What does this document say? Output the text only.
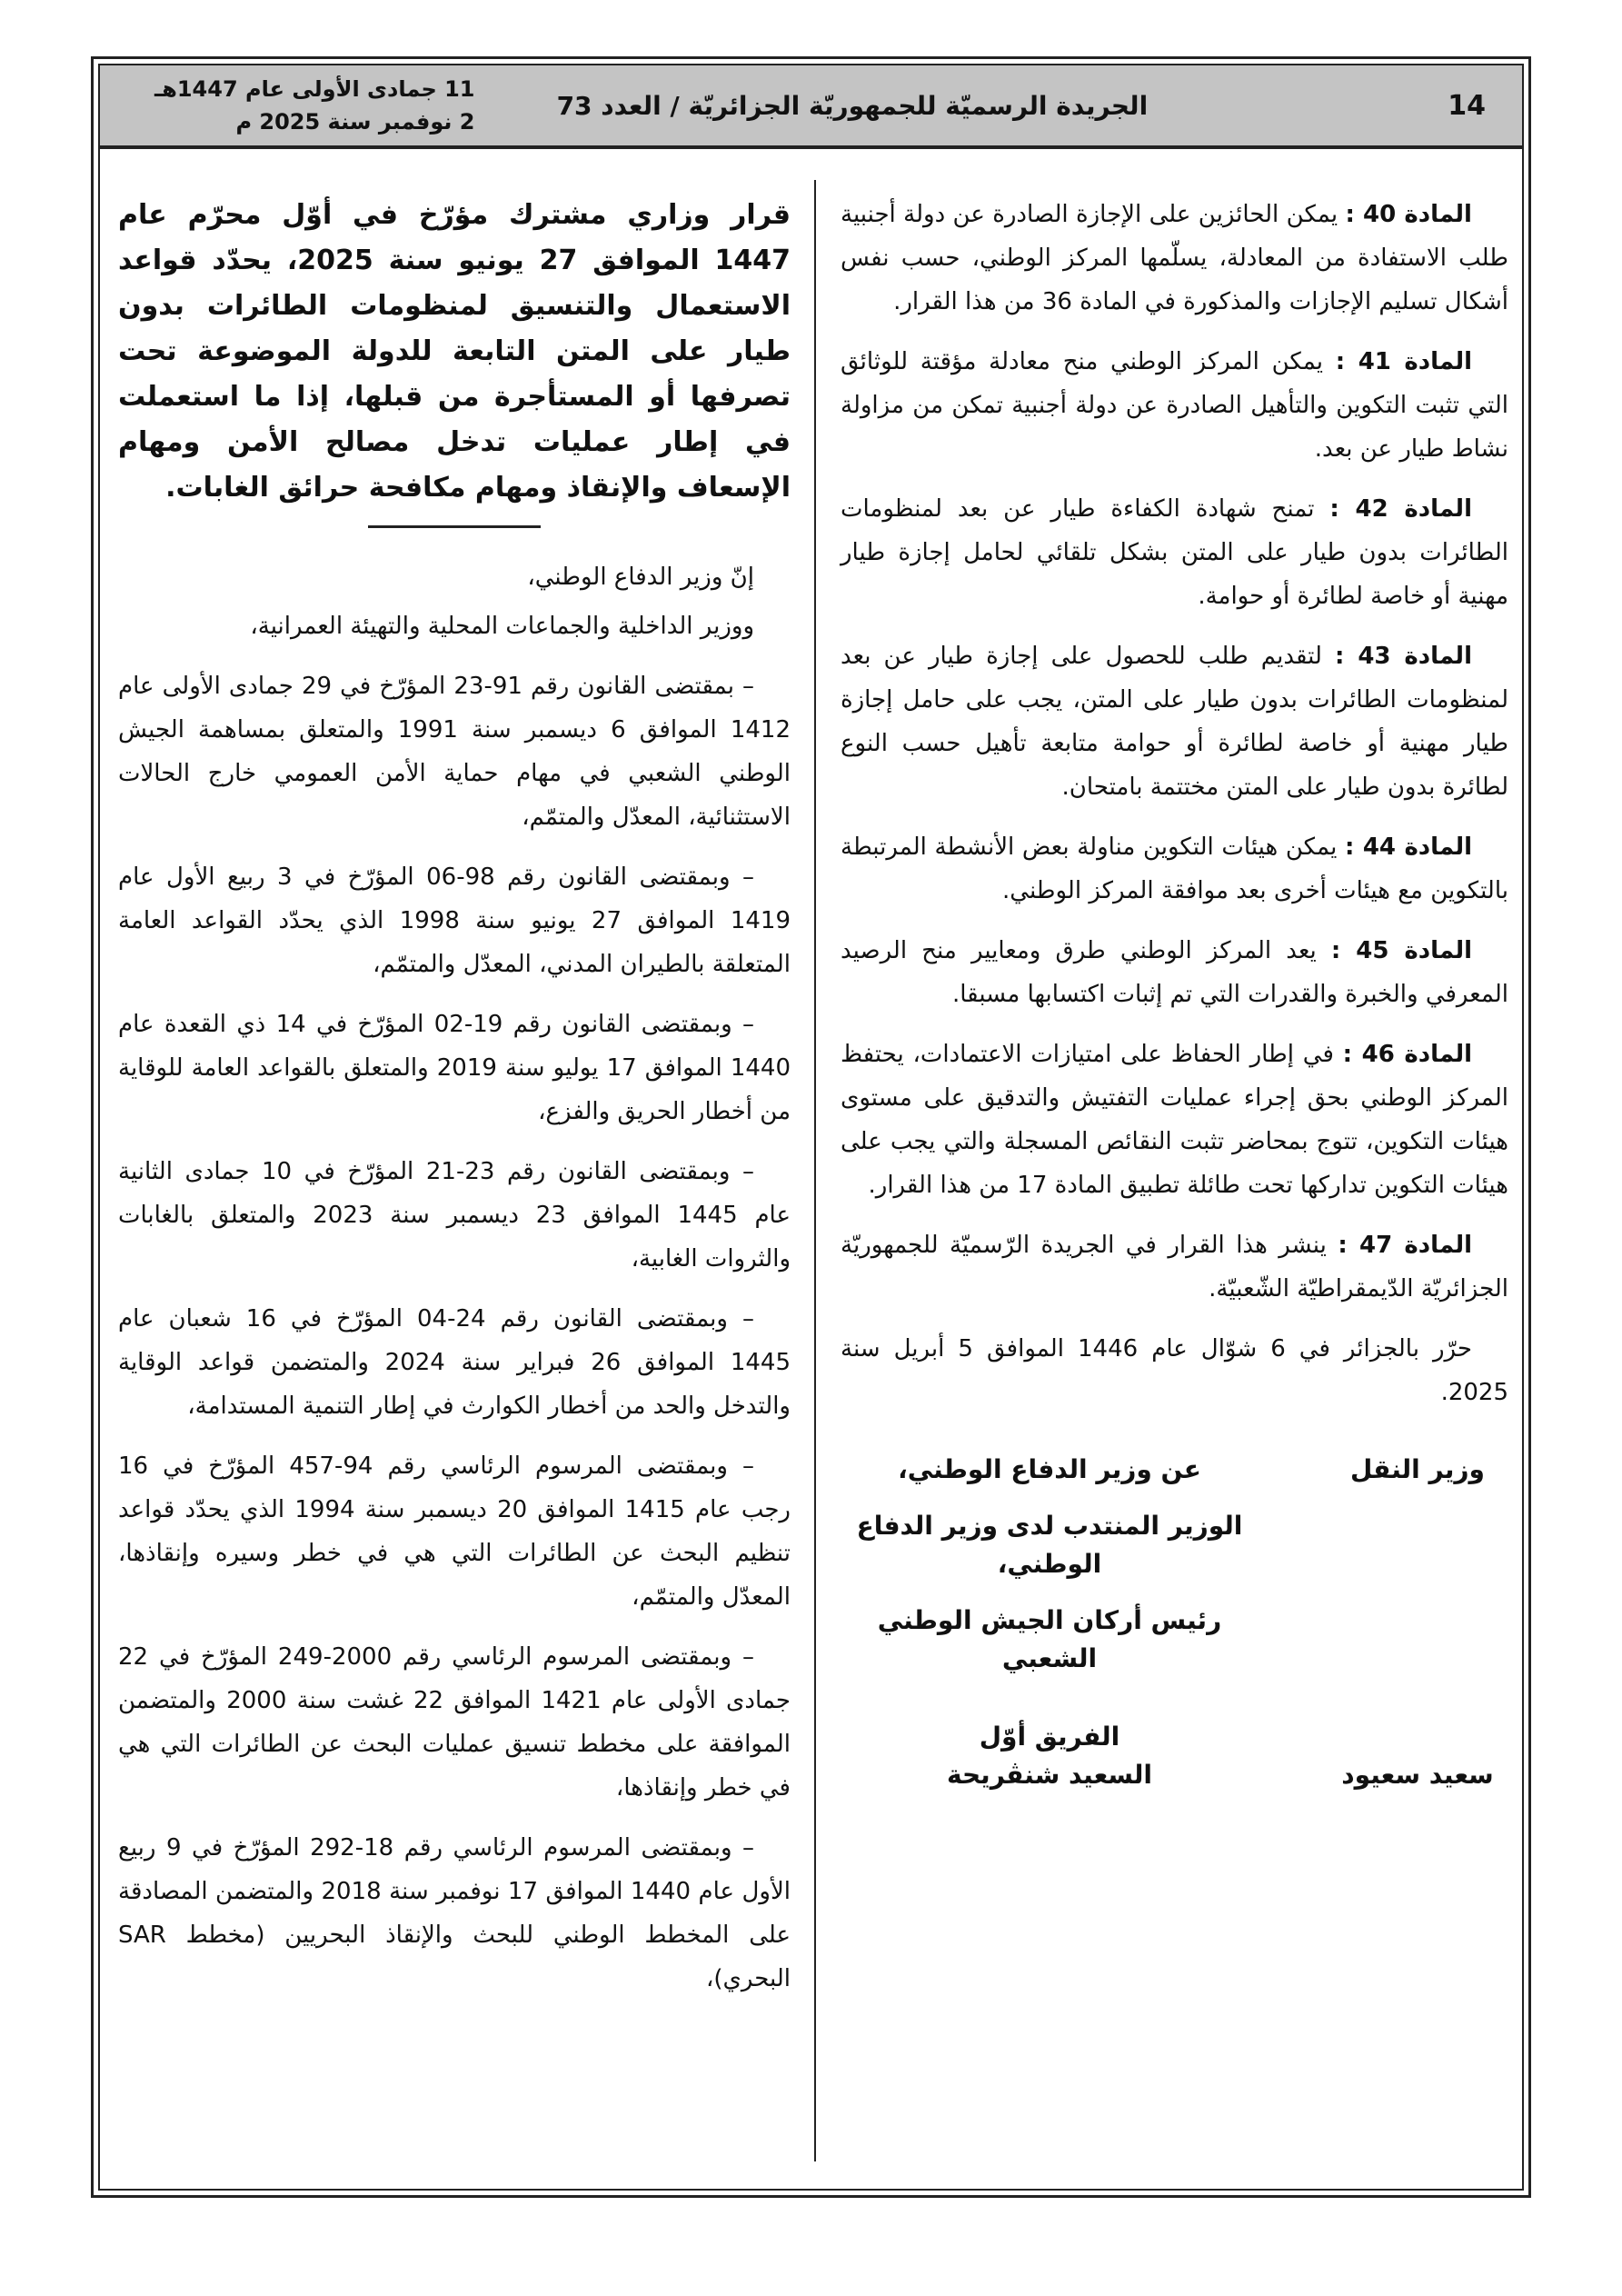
14
الجريدة الرسميّة للجمهوريّة الجزائريّة / العدد 73
11 جمادى الأولى عام 1447هـ
2 نوفمبر سنة 2025 م

المادة 40 : يمكن الحائزين على الإجازة الصادرة عن دولة أجنبية طلب الاستفادة من المعادلة، يسلّمها المركز الوطني، حسب نفس أشكال تسليم الإجازات والمذكورة في المادة 36 من هذا القرار.

المادة 41 : يمكن المركز الوطني منح معادلة مؤقتة للوثائق التي تثبت التكوين والتأهيل الصادرة عن دولة أجنبية تمكن من مزاولة نشاط طيار عن بعد.

المادة 42 : تمنح شهادة الكفاءة طيار عن بعد لمنظومات الطائرات بدون طيار على المتن بشكل تلقائي لحامل إجازة طيار مهنية أو خاصة لطائرة أو حوامة.

المادة 43 : لتقديم طلب للحصول على إجازة طيار عن بعد لمنظومات الطائرات بدون طيار على المتن، يجب على حامل إجازة طيار مهنية أو خاصة لطائرة أو حوامة متابعة تأهيل حسب النوع لطائرة بدون طيار على المتن مختتمة بامتحان.

المادة 44 : يمكن هيئات التكوين مناولة بعض الأنشطة المرتبطة بالتكوين مع هيئات أخرى بعد موافقة المركز الوطني.

المادة 45 : يعد المركز الوطني طرق ومعايير منح الرصيد المعرفي والخبرة والقدرات التي تم إثبات اكتسابها مسبقا.

المادة 46 : في إطار الحفاظ على امتيازات الاعتمادات، يحتفظ المركز الوطني بحق إجراء عمليات التفتيش والتدقيق على مستوى هيئات التكوين، تتوج بمحاضر تثبت النقائص المسجلة والتي يجب على هيئات التكوين تداركها تحت طائلة تطبيق المادة 17 من هذا القرار.

المادة 47 : ينشر هذا القرار في الجريدة الرّسميّة للجمهوريّة الجزائريّة الدّيمقراطيّة الشّعبيّة.

حرّر بالجزائر في 6 شوّال عام 1446 الموافق 5 أبريل سنة 2025.

وزير النقل
سعيد سعيود
عن وزير الدفاع الوطني،
الوزير المنتدب لدى وزير الدفاع الوطني،
رئيس أركان الجيش الوطني الشعبي
الفريق أوّل
السعيد شنڤريحة

قرار وزاري مشترك مؤرّخ في أوّل محرّم عام 1447 الموافق 27 يونيو سنة 2025، يحدّد قواعد الاستعمال والتنسيق لمنظومات الطائرات بدون طيار على المتن التابعة للدولة الموضوعة تحت تصرفها أو المستأجرة من قبلها، إذا ما استعملت في إطار عمليات تدخل مصالح الأمن ومهام الإسعاف والإنقاذ ومهام مكافحة حرائق الغابات.

إنّ وزير الدفاع الوطني،

ووزير الداخلية والجماعات المحلية والتهيئة العمرانية،

– بمقتضى القانون رقم 91-23 المؤرّخ في 29 جمادى الأولى عام 1412 الموافق 6 ديسمبر سنة 1991 والمتعلق بمساهمة الجيش الوطني الشعبي في مهام حماية الأمن العمومي خارج الحالات الاستثنائية، المعدّل والمتمّم،

– وبمقتضى القانون رقم 98-06 المؤرّخ في 3 ربيع الأول عام 1419 الموافق 27 يونيو سنة 1998 الذي يحدّد القواعد العامة المتعلقة بالطيران المدني، المعدّل والمتمّم،

– وبمقتضى القانون رقم 19-02 المؤرّخ في 14 ذي القعدة عام 1440 الموافق 17 يوليو سنة 2019 والمتعلق بالقواعد العامة للوقاية من أخطار الحريق والفزع،

– وبمقتضى القانون رقم 23-21 المؤرّخ في 10 جمادى الثانية عام 1445 الموافق 23 ديسمبر سنة 2023 والمتعلق بالغابات والثروات الغابية،

– وبمقتضى القانون رقم 24-04 المؤرّخ في 16 شعبان عام 1445 الموافق 26 فبراير سنة 2024 والمتضمن قواعد الوقاية والتدخل والحد من أخطار الكوارث في إطار التنمية المستدامة،

– وبمقتضى المرسوم الرئاسي رقم 94-457 المؤرّخ في 16 رجب عام 1415 الموافق 20 ديسمبر سنة 1994 الذي يحدّد قواعد تنظيم البحث عن الطائرات التي هي في خطر وسيره وإنقاذها، المعدّل والمتمّم،

– وبمقتضى المرسوم الرئاسي رقم 2000-249 المؤرّخ في 22 جمادى الأولى عام 1421 الموافق 22 غشت سنة 2000 والمتضمن الموافقة على مخطط تنسيق عمليات البحث عن الطائرات التي هي في خطر وإنقاذها،

– وبمقتضى المرسوم الرئاسي رقم 18-292 المؤرّخ في 9 ربيع الأول عام 1440 الموافق 17 نوفمبر سنة 2018 والمتضمن المصادقة على المخطط الوطني للبحث والإنقاذ البحريين (مخطط SAR البحري)،
